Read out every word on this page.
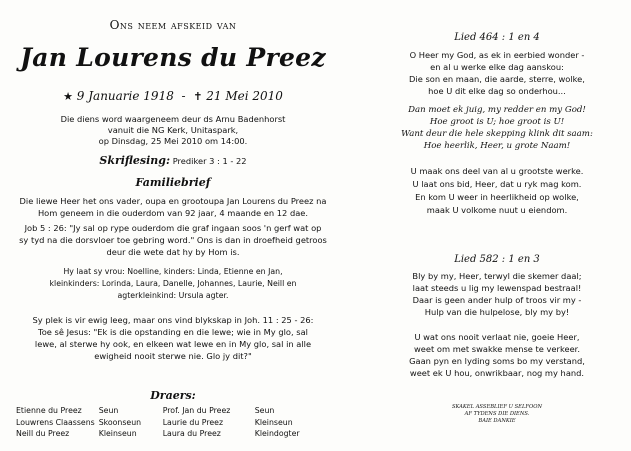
Ons neem afskeid van
Jan Lourens du Preez
★ 9 Januarie 1918 - ✝ 21 Mei 2010
Die diens word waargeneem deur ds Arnu Badenhorst
vanuit die NG Kerk, Unitaspark,
op Dinsdag, 25 Mei 2010 om 14:00.
Skriflesing: Prediker 3 : 1 - 22
Familiebrief
Die liewe Heer het ons vader, oupa en grootoupa Jan Lourens du Preez na
Hom geneem in die ouderdom van 92 jaar, 4 maande en 12 dae.
Job 5 : 26: "Jy sal op rype ouderdom die graf ingaan soos 'n gerf wat op
sy tyd na die dorsvloer toe gebring word." Ons is dan in droefheid getroos
deur die wete dat hy by Hom is.
Hy laat sy vrou: Noelline, kinders: Linda, Etienne en Jan,
kleinkinders: Lorinda, Laura, Danelle, Johannes, Laurie, Neill en
agterkleinkind: Ursula agter.
Sy plek is vir ewig leeg, maar ons vind blykskap in Joh. 11 : 25 - 26:
Toe sê Jesus: "Ek is die opstanding en die lewe; wie in My glo, sal
lewe, al sterwe hy ook, en elkeen wat lewe en in My glo, sal in alle
ewigheid nooit sterwe nie. Glo jy dit?"
Draers:
Etienne du Preez	Seun	Prof. Jan du Preez	Seun
Louwrens Claassens	Skoonseun	Laurie du Preez	Kleinseun
Neill du Preez	Kleinseun	Laura du Preez	Kleindogter
Lied 464 : 1 en 4
O Heer my God, as ek in eerbied wonder -
en al u werke elke dag aanskou:
Die son en maan, die aarde, sterre, wolke,
hoe U dit elke dag so onderhou...
Dan moet ek juig, my redder en my God!
Hoe groot is U; hoe groot is U!
Want deur die hele skepping klink dit saam:
Hoe heerlik, Heer, u grote Naam!
U maak ons deel van al u grootste werke.
U laat ons bid, Heer, dat u ryk mag kom.
En kom U weer in heerlikheid op wolke,
maak U volkome nuut u eiendom.
Lied 582 : 1 en 3
Bly by my, Heer, terwyl die skemer daal;
laat steeds u lig my lewenspad bestraal!
Daar is geen ander hulp of troos vir my -
Hulp van die hulpelose, bly my by!
U wat ons nooit verlaat nie, goeie Heer,
weet om met swakke mense te verkeer.
Gaan pyn en lyding soms bo my verstand,
weet ek U hou, onwrikbaar, nog my hand.
SKAKEL ASSEBLIEF U SELFOON
AF TYDENS DIE DIENS.
BAIE DANKIE
